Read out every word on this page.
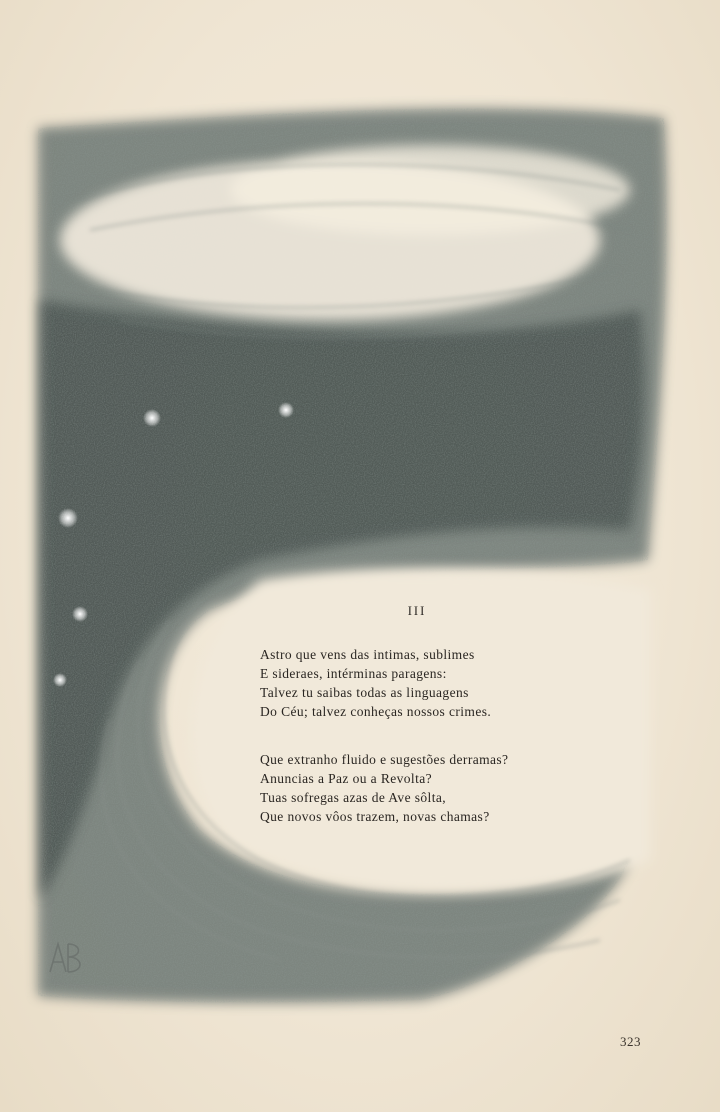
III
Astro que vens das intimas, sublimes
E sideraes, intérminas paragens:
Talvez tu saibas todas as linguagens
Do Céu; talvez conheças nossos crimes.
Que extranho fluido e sugestões derramas?
Anuncias a Paz ou a Revolta?
Tuas sofregas azas de Ave sôlta,
Que novos vôos trazem, novas chamas?
323
